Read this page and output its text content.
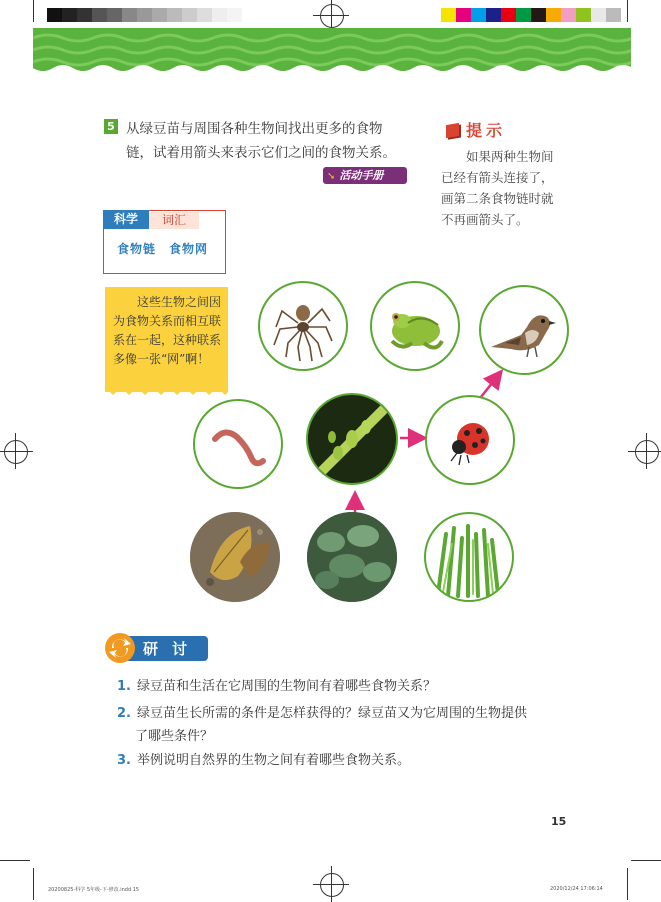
5 从绿豆苗与周围各种生物间找出更多的食物
链，试着用箭头来表示它们之间的食物关系。
➘ 活动手册
提示
如果两种生物间已经有箭头连接了，画第二条食物链时就不再画箭头了。
科学	词汇
食物链　食物网
这些生物之间因为食物关系而相互联系在一起，这种联系多像一张“网”啊！
研讨
1. 绿豆苗和生活在它周围的生物间有着哪些食物关系？
2. 绿豆苗生长所需的条件是怎样获得的？绿豆苗又为它周围的生物提供
了哪些条件？
3. 举例说明自然界的生物之间有着哪些食物关系。
15
20200825-科学 5年级-下-修改.indd 15	2020/12/24 17:06:14
